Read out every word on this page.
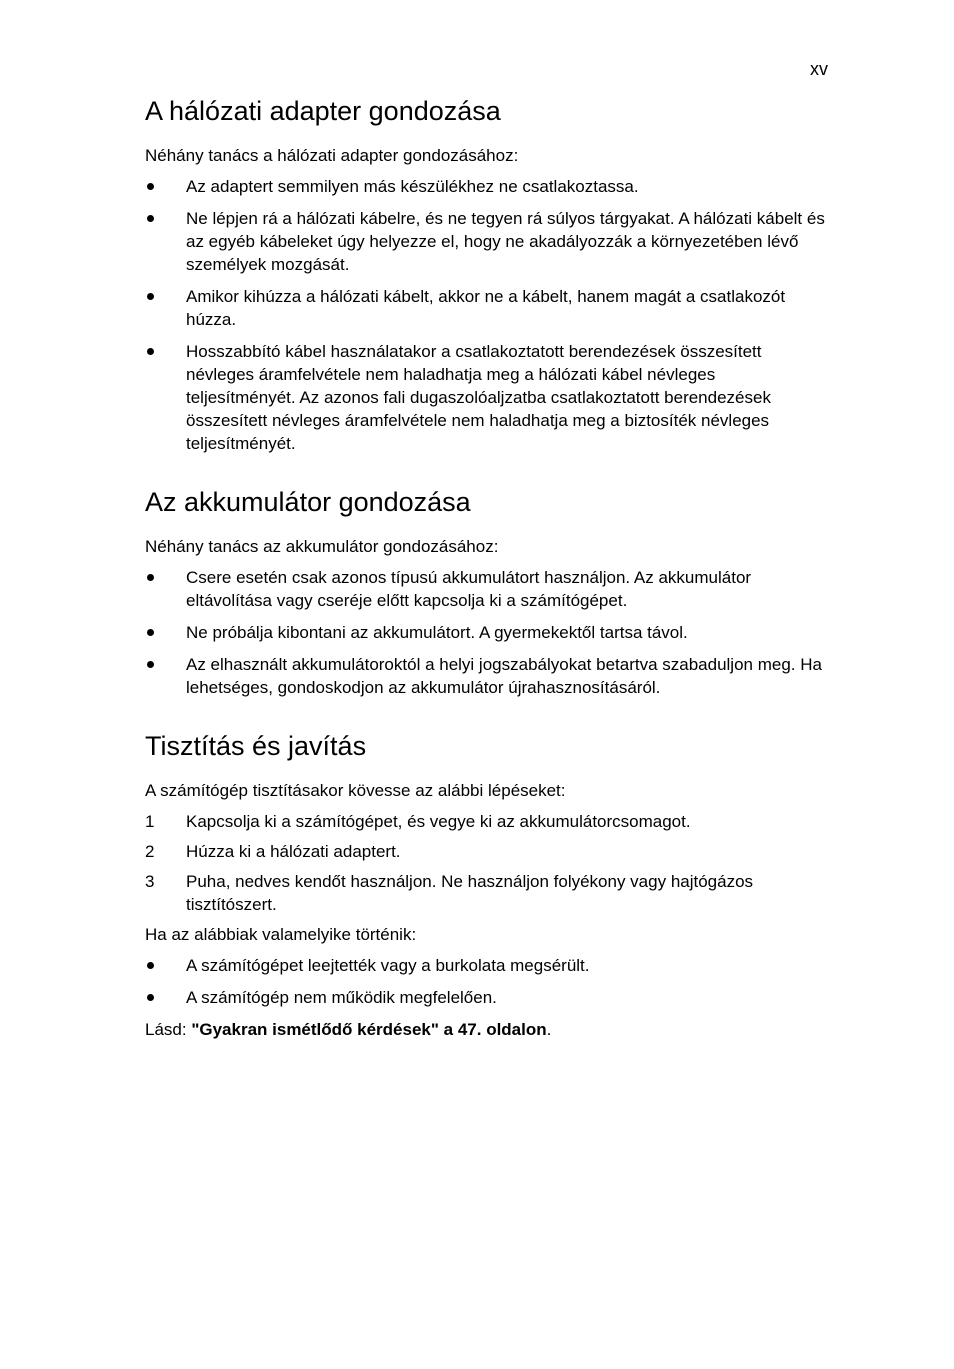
xv
A hálózati adapter gondozása

Néhány tanács a hálózati adapter gondozásához:

Az adaptert semmilyen más készülékhez ne csatlakoztassa.
Ne lépjen rá a hálózati kábelre, és ne tegyen rá súlyos tárgyakat. A hálózati kábelt és az egyéb kábeleket úgy helyezze el, hogy ne akadályozzák a környezetében lévő személyek mozgását.
Amikor kihúzza a hálózati kábelt, akkor ne a kábelt, hanem magát a csatlakozót húzza.
Hosszabbító kábel használatakor a csatlakoztatott berendezések összesített névleges áramfelvétele nem haladhatja meg a hálózati kábel névleges teljesítményét. Az azonos fali dugaszolóaljzatba csatlakoztatott berendezések összesített névleges áramfelvétele nem haladhatja meg a biztosíték névleges teljesítményét.
Az akkumulátor gondozása

Néhány tanács az akkumulátor gondozásához:

Csere esetén csak azonos típusú akkumulátort használjon. Az akkumulátor eltávolítása vagy cseréje előtt kapcsolja ki a számítógépet.
Ne próbálja kibontani az akkumulátort. A gyermekektől tartsa távol.
Az elhasznált akkumulátoroktól a helyi jogszabályokat betartva szabaduljon meg. Ha lehetséges, gondoskodjon az akkumulátor újrahasznosításáról.
Tisztítás és javítás

A számítógép tisztításakor kövesse az alábbi lépéseket:

1 Kapcsolja ki a számítógépet, és vegye ki az akkumulátorcsomagot.
2 Húzza ki a hálózati adaptert.
3 Puha, nedves kendőt használjon. Ne használjon folyékony vagy hajtógázos tisztítószert.

Ha az alábbiak valamelyike történik:

A számítógépet leejtették vagy a burkolata megsérült.
A számítógép nem működik megfelelően.
Lásd: "Gyakran ismétlődő kérdések" a 47. oldalon.
